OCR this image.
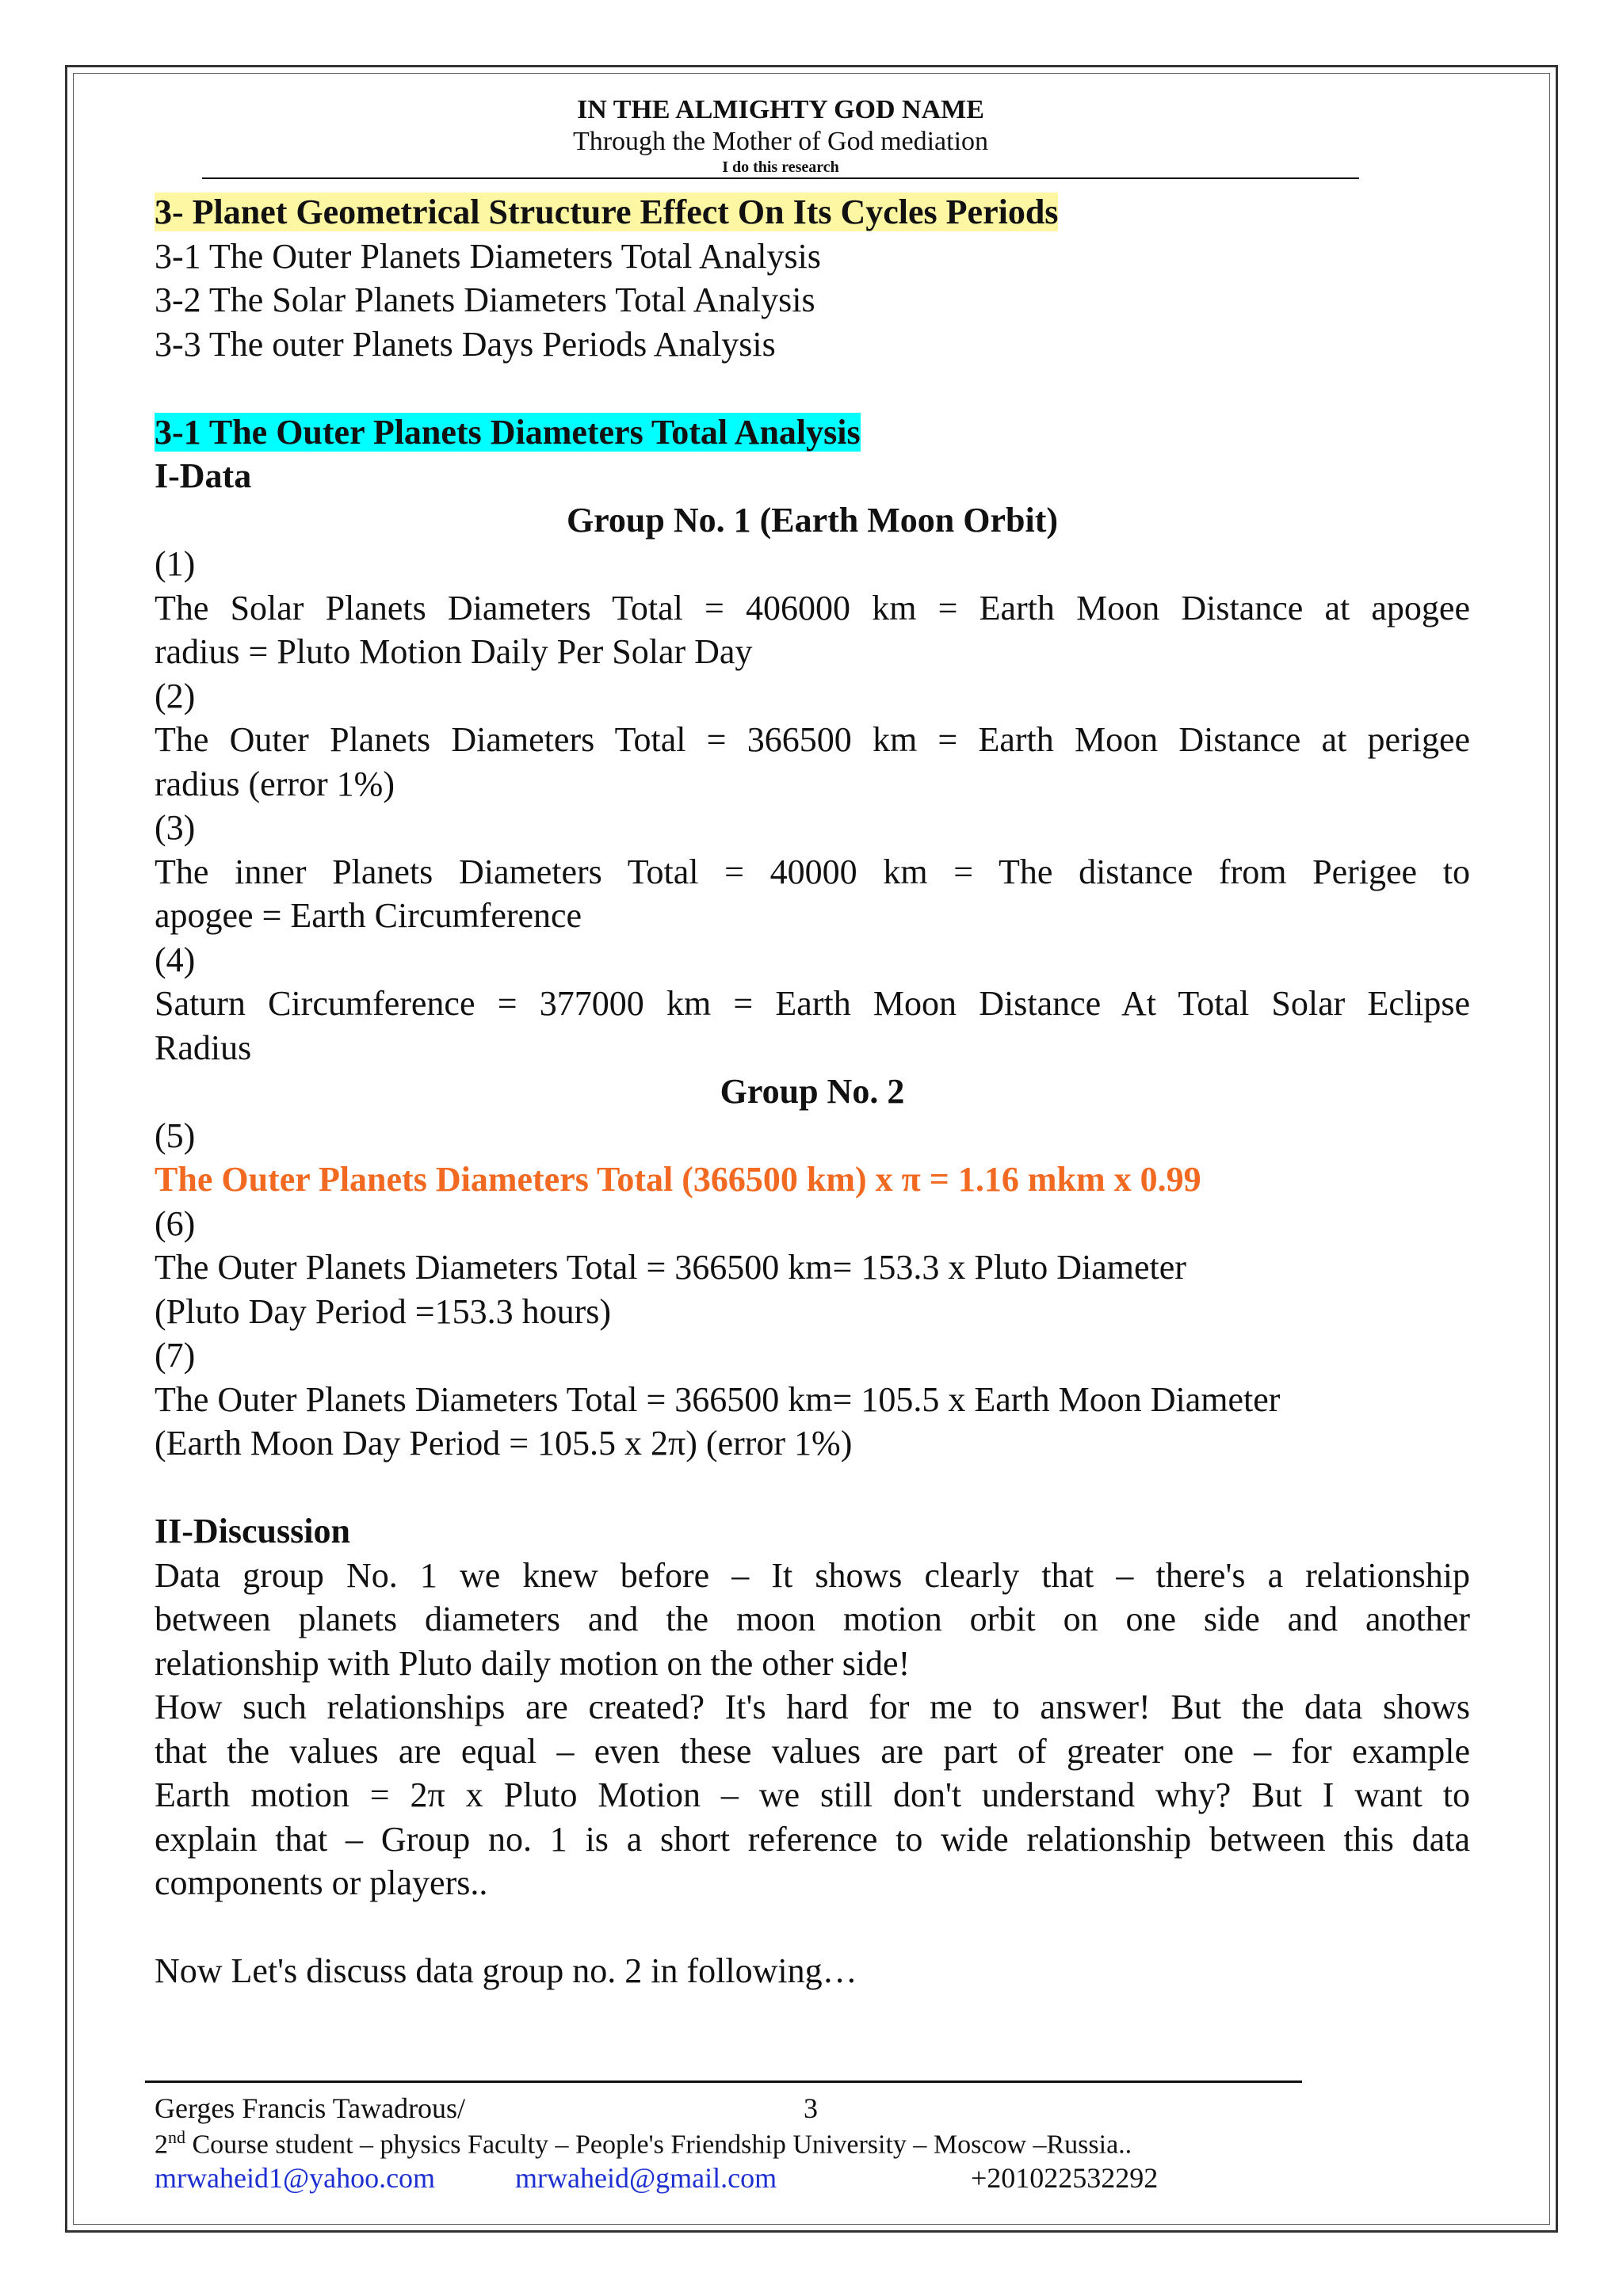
IN THE ALMIGHTY GOD NAME
Through the Mother of God mediation
I do this research

3- Planet Geometrical Structure Effect On Its Cycles Periods

3-1 The Outer Planets Diameters Total Analysis

3-2 The Solar Planets Diameters Total Analysis

3-3 The outer Planets Days Periods Analysis

3-1 The Outer Planets Diameters Total Analysis

I-Data

Group No. 1 (Earth Moon Orbit)

(1)

The Solar Planets Diameters Total = 406000 km = Earth Moon Distance at apogee

radius = Pluto Motion Daily Per Solar Day

(2)

The Outer Planets Diameters Total = 366500 km = Earth Moon Distance at perigee

radius (error 1%)

(3)

The inner Planets Diameters Total = 40000 km = The distance from Perigee to

apogee = Earth Circumference

(4)

Saturn Circumference = 377000 km = Earth Moon Distance At Total Solar Eclipse

Radius

Group No. 2

(5)

The Outer Planets Diameters Total (366500 km) x π = 1.16 mkm x 0.99

(6)

The Outer Planets Diameters Total = 366500 km= 153.3 x Pluto Diameter

(Pluto Day Period =153.3 hours)

(7)

The Outer Planets Diameters Total = 366500 km= 105.5 x Earth Moon Diameter

(Earth Moon Day Period = 105.5 x 2π) (error 1%)

II-Discussion

Data group No. 1 we knew before – It shows clearly that – there's a relationship

between planets diameters and the moon motion orbit on one side and another

relationship with Pluto daily motion on the other side!

How such relationships are created? It's hard for me to answer! But the data shows

that the values are equal – even these values are part of greater one – for example

Earth motion = 2π x Pluto Motion – we still don't understand why? But I want to

explain that – Group no. 1 is a short reference to wide relationship between this data

components or players..

Now Let's discuss data group no. 2 in following…

Gerges Francis Tawadrous/	3
2nd Course student – physics Faculty – People's Friendship University – Moscow –Russia..
mrwaheid1@yahoo.com	mrwaheid@gmail.com	+201022532292
